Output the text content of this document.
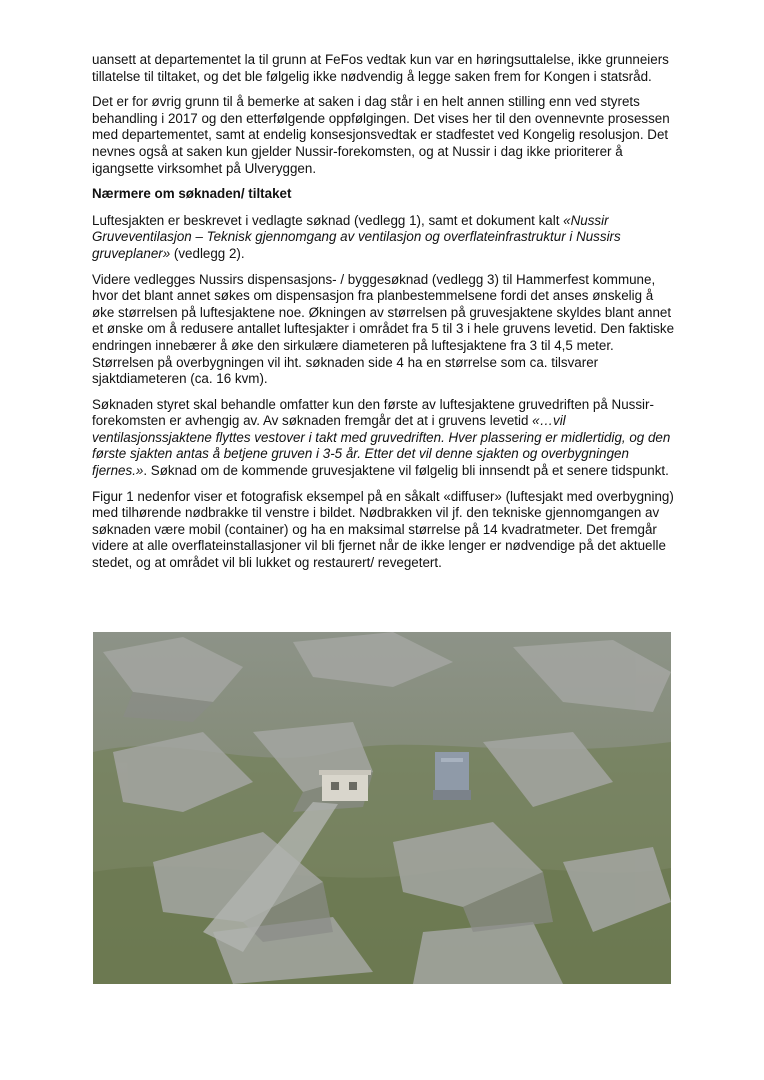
uansett at departementet la til grunn at FeFos vedtak kun var en høringsuttalelse, ikke grunneiers tillatelse til tiltaket, og det ble følgelig ikke nødvendig å legge saken frem for Kongen i statsråd.

Det er for øvrig grunn til å bemerke at saken i dag står i en helt annen stilling enn ved styrets behandling i 2017 og den etterfølgende oppfølgingen. Det vises her til den ovennevnte prosessen med departementet, samt at endelig konsesjonsvedtak er stadfestet ved Kongelig resolusjon. Det nevnes også at saken kun gjelder Nussir-forekomsten, og at Nussir i dag ikke prioriterer å igangsette virksomhet på Ulveryggen.

Nærmere om søknaden/ tiltaket

Luftesjakten er beskrevet i vedlagte søknad (vedlegg 1), samt et dokument kalt «Nussir Gruveventilasjon – Teknisk gjennomgang av ventilasjon og overflateinfrastruktur i Nussirs gruveplaner» (vedlegg 2).

Videre vedlegges Nussirs dispensasjons- / byggesøknad (vedlegg 3) til Hammerfest kommune, hvor det blant annet søkes om dispensasjon fra planbestemmelsene fordi det anses ønskelig å øke størrelsen på luftesjaktene noe. Økningen av størrelsen på gruvesjaktene skyldes blant annet et ønske om å redusere antallet luftesjakter i området fra 5 til 3 i hele gruvens levetid. Den faktiske endringen innebærer å øke den sirkulære diameteren på luftesjaktene fra 3 til 4,5 meter. Størrelsen på overbygningen vil iht. søknaden side 4 ha en størrelse som ca. tilsvarer sjaktdiameteren (ca. 16 kvm).

Søknaden styret skal behandle omfatter kun den første av luftesjaktene gruvedriften på Nussir-forekomsten er avhengig av. Av søknaden fremgår det at i gruvens levetid «…vil ventilasjonssjaktene flyttes vestover i takt med gruvedriften. Hver plassering er midlertidig, og den første sjakten antas å betjene gruven i 3-5 år. Etter det vil denne sjakten og overbygningen fjernes.». Søknad om de kommende gruvesjaktene vil følgelig bli innsendt på et senere tidspunkt.

Figur 1 nedenfor viser et fotografisk eksempel på en såkalt «diffuser» (luftesjakt med overbygning) med tilhørende nødbrakke til venstre i bildet. Nødbrakken vil jf. den tekniske gjennomgangen av søknaden være mobil (container) og ha en maksimal størrelse på 14 kvadratmeter. Det fremgår videre at alle overflateinstallasjoner vil bli fjernet når de ikke lenger er nødvendige på det aktuelle stedet, og at området vil bli lukket og restaurert/ revegetert.
